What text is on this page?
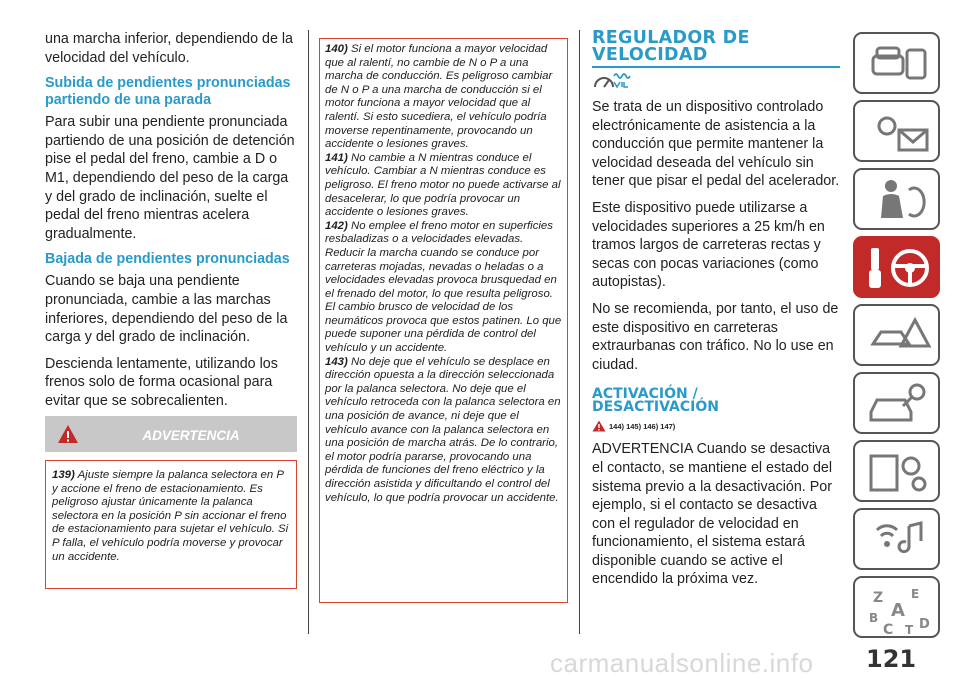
una marcha inferior, dependiendo de la velocidad del vehículo.

Subida de pendientes pronunciadas partiendo de una parada

Para subir una pendiente pronunciada partiendo de una posición de detención pise el pedal del freno, cambie a D o M1, dependiendo del peso de la carga y del grado de inclinación, suelte el pedal del freno mientras acelera gradualmente.

Bajada de pendientes pronunciadas

Cuando se baja una pendiente pronunciada, cambie a las marchas inferiores, dependiendo del peso de la carga y del grado de inclinación.

Descienda lentamente, utilizando los frenos solo de forma ocasional para evitar que se sobrecalienten.

ADVERTENCIA

139) Ajuste siempre la palanca selectora en P y accione el freno de estacionamiento. Es peligroso ajustar únicamente la palanca selectora en la posición P sin accionar el freno de estacionamiento para sujetar el vehículo. Si P falla, el vehículo podría moverse y provocar un accidente.

140) Si el motor funciona a mayor velocidad que al ralentí, no cambie de N o P a una marcha de conducción. Es peligroso cambiar de N o P a una marcha de conducción si el motor funciona a mayor velocidad que al ralentí. Si esto sucediera, el vehículo podría moverse repentinamente, provocando un accidente o lesiones graves.

141) No cambie a N mientras conduce el vehículo. Cambiar a N mientras conduce es peligroso. El freno motor no puede activarse al desacelerar, lo que podría provocar un accidente o lesiones graves.

142) No emplee el freno motor en superficies resbaladizas o a velocidades elevadas. Reducir la marcha cuando se conduce por carreteras mojadas, nevadas o heladas o a velocidades elevadas provoca brusquedad en el frenado del motor, lo que resulta peligroso. El cambio brusco de velocidad de los neumáticos provoca que estos patinen. Lo que puede suponer una pérdida de control del vehículo y un accidente.

143) No deje que el vehículo se desplace en dirección opuesta a la dirección seleccionada por la palanca selectora. No deje que el vehículo retroceda con la palanca selectora en una posición de avance, ni deje que el vehículo avance con la palanca selectora en una posición de marcha atrás. De lo contrario, el motor podría pararse, provocando una pérdida de funciones del freno eléctrico y la dirección asistida y dificultando el control del vehículo, lo que podría provocar un accidente.

REGULADOR DE
VELOCIDAD

Se trata de un dispositivo controlado electrónicamente de asistencia a la conducción que permite mantener la velocidad deseada del vehículo sin tener que pisar el pedal del acelerador.

Este dispositivo puede utilizarse a velocidades superiores a 25 km/h en tramos largos de carreteras rectas y secas con pocas variaciones (como autopistas).

No se recomienda, por tanto, el uso de este dispositivo en carreteras extraurbanas con tráfico. No lo use en ciudad.

ACTIVACIÓN /
DESACTIVACIÓN
144) 145) 146) 147)

ADVERTENCIA Cuando se desactiva el contacto, se mantiene el estado del sistema previo a la desactivación. Por ejemplo, si el contacto se desactiva con el regulador de velocidad en funcionamiento, el sistema estará disponible cuando se active el encendido la próxima vez.

Z E
A
B
C T D
carmanualsonline.info 121
